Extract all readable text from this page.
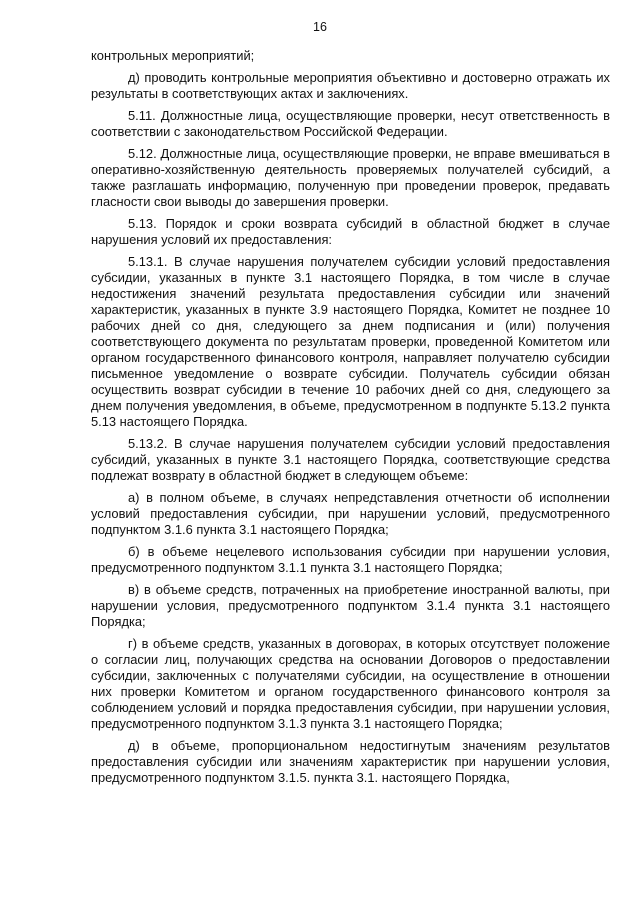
16

контрольных мероприятий;

д) проводить контрольные мероприятия объективно и достоверно отражать их результаты в соответствующих актах и заключениях.

5.11. Должностные лица, осуществляющие проверки, несут ответственность в соответствии с законодательством Российской Федерации.

5.12. Должностные лица, осуществляющие проверки, не вправе вмешиваться в оперативно-хозяйственную деятельность проверяемых получателей субсидий, а также разглашать информацию, полученную при проведении проверок, предавать гласности свои выводы до завершения проверки.

5.13. Порядок и сроки возврата субсидий в областной бюджет в случае нарушения условий их предоставления:

5.13.1. В случае нарушения получателем субсидии условий предоставления субсидии, указанных в пункте 3.1 настоящего Порядка, в том числе в случае недостижения значений результата предоставления субсидии или значений характеристик, указанных в пункте 3.9 настоящего Порядка, Комитет не позднее 10 рабочих дней со дня, следующего за днем подписания и (или) получения соответствующего документа по результатам проверки, проведенной Комитетом или органом государственного финансового контроля, направляет получателю субсидии письменное уведомление о возврате субсидии. Получатель субсидии обязан осуществить возврат субсидии в течение 10 рабочих дней со дня, следующего за днем получения уведомления, в объеме, предусмотренном в подпункте 5.13.2 пункта 5.13 настоящего Порядка.

5.13.2. В случае нарушения получателем субсидии условий предоставления субсидий, указанных в пункте 3.1 настоящего Порядка, соответствующие средства подлежат возврату в областной бюджет в следующем объеме:

а) в полном объеме, в случаях непредставления отчетности об исполнении условий предоставления субсидии, при нарушении условий, предусмотренного подпунктом 3.1.6 пункта 3.1 настоящего Порядка;

б) в объеме нецелевого использования субсидии при нарушении условия, предусмотренного подпунктом 3.1.1 пункта 3.1 настоящего Порядка;

в) в объеме средств, потраченных на приобретение иностранной валюты, при нарушении условия, предусмотренного подпунктом 3.1.4 пункта 3.1 настоящего Порядка;

г) в объеме средств, указанных в договорах, в которых отсутствует положение о согласии лиц, получающих средства на основании Договоров о предоставлении субсидии, заключенных с получателями субсидии, на осуществление в отношении них проверки Комитетом и органом государственного финансового контроля за соблюдением условий и порядка предоставления субсидии, при нарушении условия, предусмотренного подпунктом 3.1.3 пункта 3.1 настоящего Порядка;

д) в объеме, пропорциональном недостигнутым значениям результатов предоставления субсидии или значениям характеристик при нарушении условия, предусмотренного подпунктом 3.1.5. пункта 3.1. настоящего Порядка,
